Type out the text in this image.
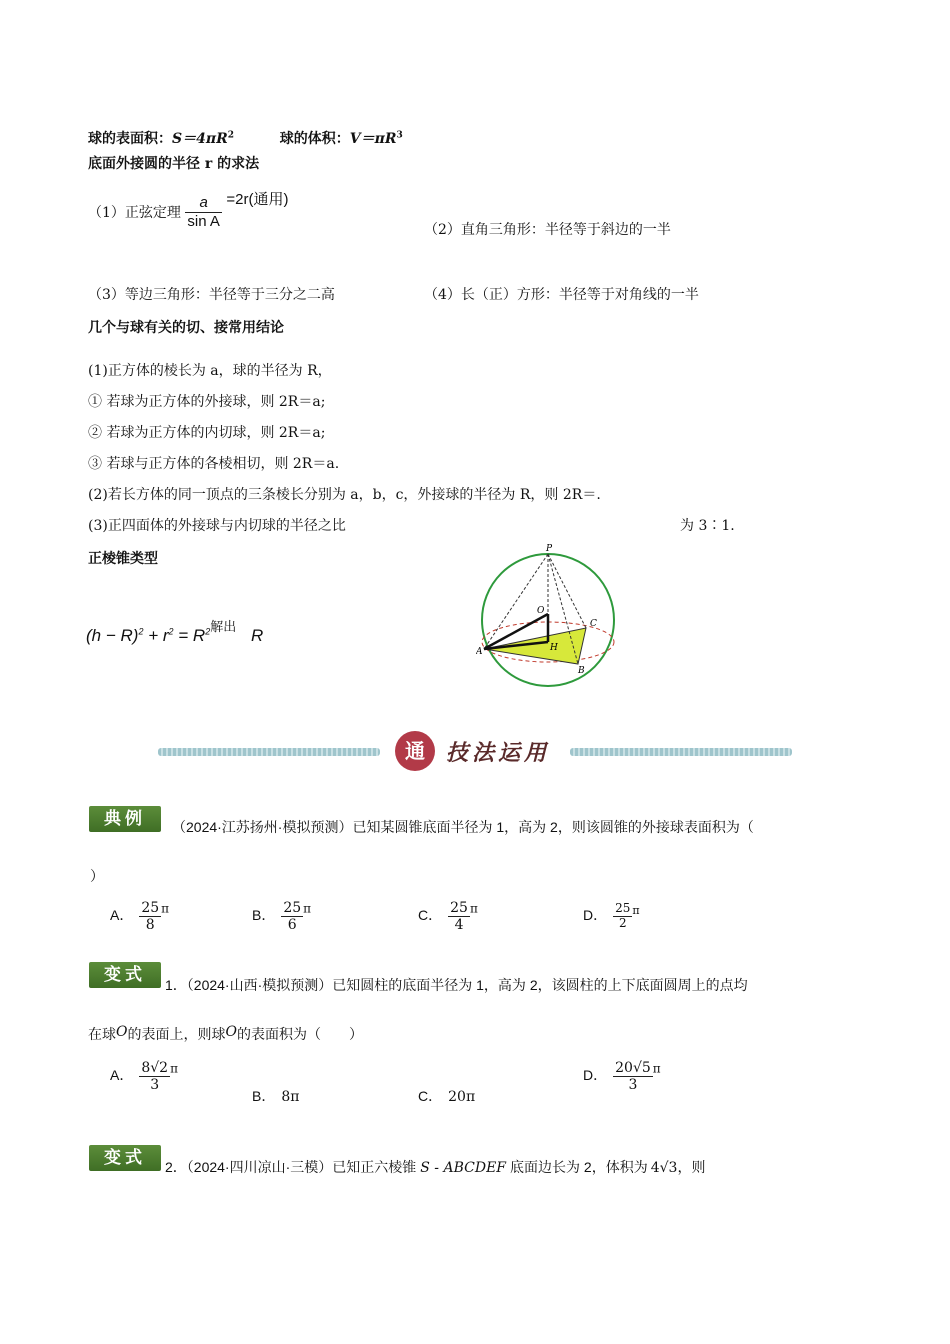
球的表面积：$S=4\pi R^2$	球的体积：$V=\pi R^3$
底面外接圆的半径 r 的求法
（1）正弦定理 $\frac{a}{\text{sin A}} =2r$(通用)
（2）直角三角形：半径等于斜边的一半
（3）等边三角形：半径等于三分之二高	（4）长（正）方形：半径等于对角线的一半
几个与球有关的切、接常用结论
(1)正方体的棱长为 a，球的半径为 R，
① 若球为正方体的外接球，则 2R＝a;
② 若球为正方体的内切球，则 2R＝a;
③ 若球与正方体的各棱相切，则 2R＝a.
(2)若长方体的同一顶点的三条棱长分别为 a，b，c，外接球的半径为 R，则 2R＝.
(3)正四面体的外接球与内切球的半径之比	为 3∶1.
正棱锥类型
$(h - R)^2 + r^2 = R^{2解出}$ R
P
O
C
A	H
B
通 技法运用
典例	（2024·江苏扬州·模拟预测）已知某圆锥底面半径为 1，高为 2，则该圆锥的外接球表面积为（
）
A． $\frac{25}{8}$ π	B． $\frac{25}{6}$ π	C． $\frac{25}{4}$ π	D． $\frac{25}{2} ^\pi$
变式	1．（2024·山西·模拟预测）已知圆柱的底面半径为 1，高为 2，该圆柱的上下底面圆周上的点均
在球O的表面上，则球O的表面积为（　　）
A． $\frac{8√2}{3}$ π
B． 8π	C． 20π
D． $\frac{20√5}{3}$ π
变式	2．（2024·四川凉山·三模）已知正六棱锥 S - ABCDEF 底面边长为 2，体积为 4√3，则
